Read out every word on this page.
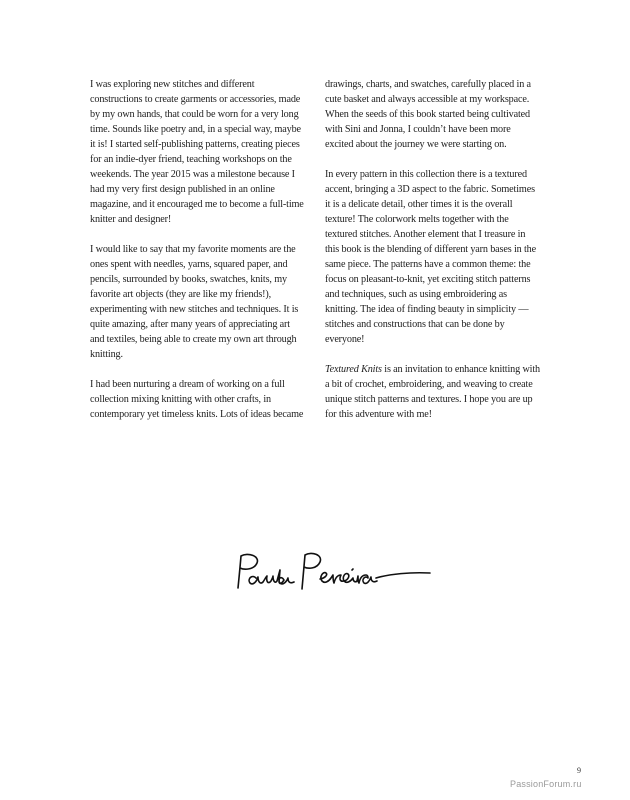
I was exploring new stitches and different constructions to create garments or accessories, made by my own hands, that could be worn for a very long time. Sounds like poetry and, in a special way, maybe it is! I started self-publishing patterns, creating pieces for an indie-dyer friend, teaching workshops on the weekends. The year 2015 was a milestone because I had my very first design published in an online magazine, and it encouraged me to become a full-time knitter and designer!

I would like to say that my favorite moments are the ones spent with needles, yarns, squared paper, and pencils, surrounded by books, swatches, knits, my favorite art objects (they are like my friends!), experimenting with new stitches and techniques. It is quite amazing, after many years of appreciating art and textiles, being able to create my own art through knitting.

I had been nurturing a dream of working on a full collection mixing knitting with other crafts, in contemporary yet timeless knits. Lots of ideas became

drawings, charts, and swatches, carefully placed in a cute basket and always accessible at my workspace. When the seeds of this book started being cultivated with Sini and Jonna, I couldn’t have been more excited about the journey we were starting on.

In every pattern in this collection there is a textured accent, bringing a 3D aspect to the fabric. Sometimes it is a delicate detail, other times it is the overall texture! The colorwork melts together with the textured stitches. Another element that I treasure in this book is the blending of different yarn bases in the same piece. The patterns have a common theme: the focus on pleasant-to-knit, yet exciting stitch patterns and techniques, such as using embroidering as knitting. The idea of finding beauty in simplicity — stitches and constructions that can be done by everyone!

Textured Knits is an invitation to enhance knitting with a bit of crochet, embroidering, and weaving to create unique stitch patterns and textures. I hope you are up for this adventure with me!

9
PassionForum.ru
